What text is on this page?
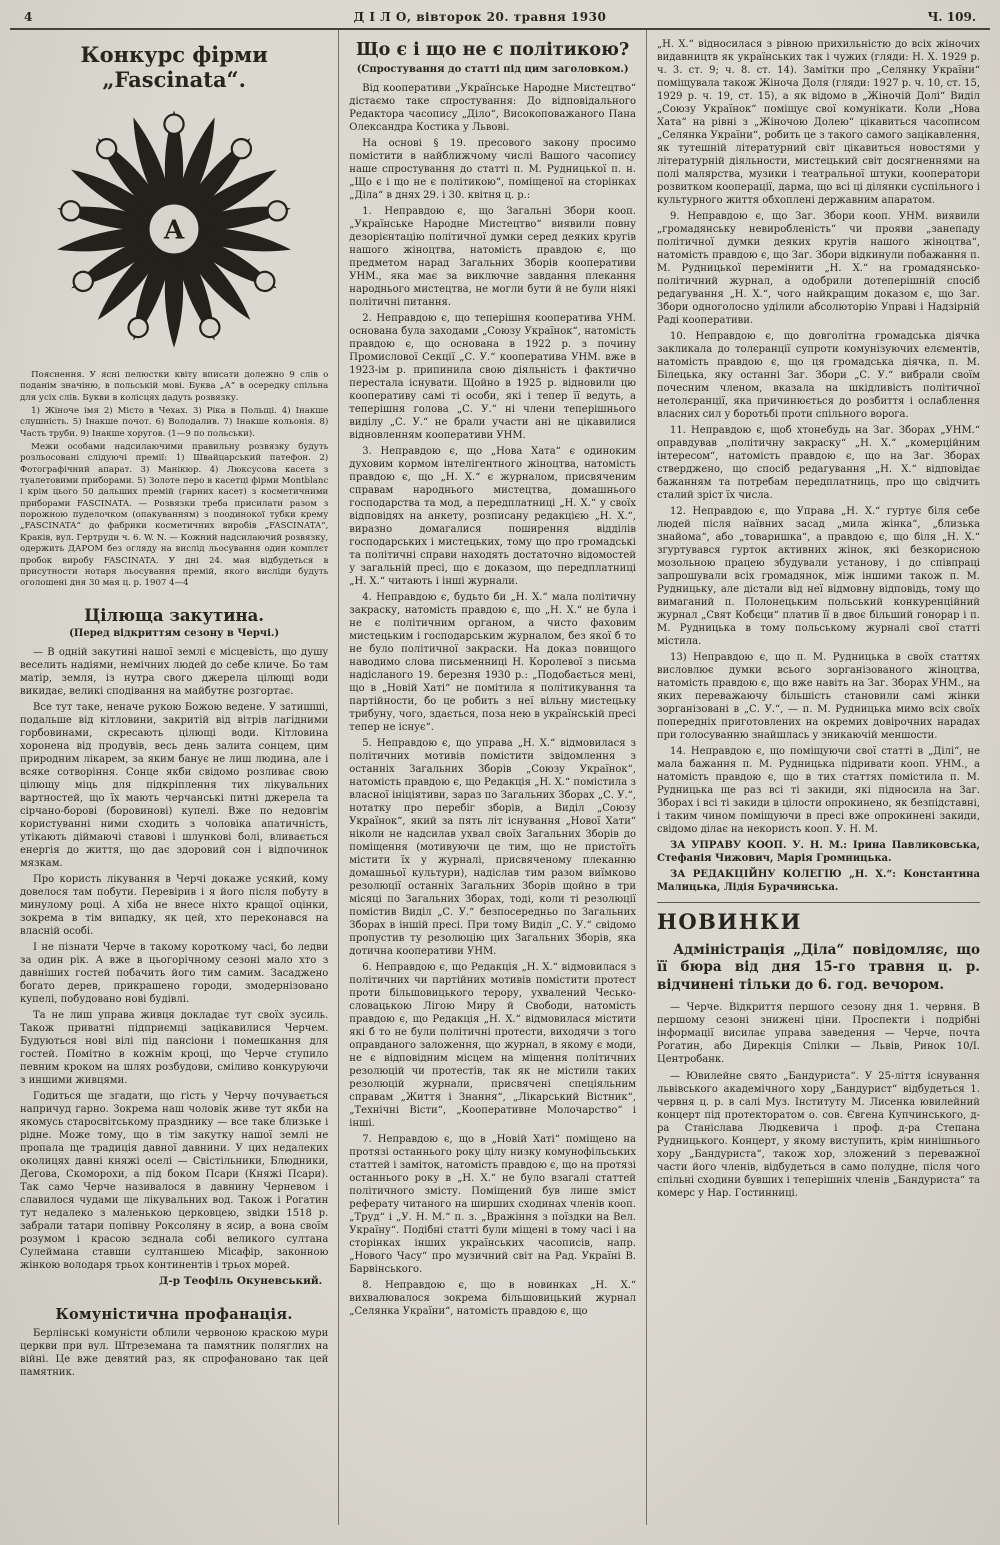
4	Д І Л О, вівторок 20. травня 1930	Ч. 109.
Конкурс фірми „Fascinata“.
A

Пояснення. У ясні пелюстки квіту вписати долежно 9 слів о поданім значіню, в польській мові. Буква „А“ в осередку спільна для усіх слів. Букви в колісцях дадуть розвязку.

1) Жіноче імя 2) Місто в Чехах. 3) Ріка в Польщі. 4) Інакше слушність. 5) Інакше почот. 6) Володалив. 7) Інакше кольонія. 8) Часть труби. 9) Інакше хоругов. (1—9 по польськи).

Межи особами надсилаючими правильну розвязку будуть розльосовані слідуючі премії: 1) Швайцарський патефон. 2) Фотографічний апарат. 3) Манікюр. 4) Люксусова касета з туалетовими приборами. 5) Золоте перо в касетці фірми Montblanc і крім цього 50 дальших премій (гарних касет) з косметичними приборами FASCINATA. — Розвязки треба присилати разом з порожною пуделочком (опакуванням) з поодинокої тубки крему „FASCINATA“ до фабрики косметичних виробів „FASCINATA“, Краків, вул. Гертруди ч. 6. W. N. — Кожний надсилаючий розвязку, одержить ДАРОМ без огляду на вислід льосування один комплєт пробок виробу FASCINATA. У дні 24. мая відбудеться в присутности нотаря льосування премій, якого висліди будуть оголошені дня 30 мая ц. р. 1907 4—4

Цілюща закутина.

(Перед відкриттям сезону в Черчі.)

— В одній закутині нашої землі є місцевість, що душу веселить надіями, немічних людей до себе кличе. Бо там матір, земля, із нутра свого джерела цілющі води викидає, великі сподівання на майбутнє розгортає.

Все тут таке, неначе рукою Божою ведене. У затишші, подальше від кітловини, закритій від вітрів лагідними горбовинами, скресають цілющі води. Кітловина хоронена від продувів, весь день залита сонцем, цим природним лікарем, за яким банує не лиш людина, але і всяке сотворіння. Сонце якби свідомо розливає свою цілющу міць для підкріплення тих лікувальних вартностей, що їх мають черчанські питні джерела та сірчано-борові (боровинові) купелі. Вже по недовгім користуванні ними сходить з чоловіка апатичність, утікають діймаючі ставові і шлункові болі, вливається енергія до життя, що дає здоровий сон і відпочинок мязкам.

Про користь лікування в Черчі докаже усякий, кому довелося там побути. Перевірив і я його після побуту в минулому році. А хіба не внесе ніхто кращої оцінки, зокрема в тім випадку, як цей, хто переконався на власній особі.

І не пізнати Черче в такому короткому часі, бо ледви за один рік. А вже в цьогорічному сезоні мало хто з давніших гостей побачить його тим самим. Засаджено богато дерев, прикрашено городи, змодернізовано купелі, побудовано нові будівлі.

Та не лиш управа живця докладає тут своїх зусиль. Також приватні підприємці зацікавилися Черчем. Будуються нові вілі під пансіони і помешкання для гостей. Помітно в кожнім кроці, що Черче ступило певним кроком на шлях розбудови, сміливо конкуруючи з иншими живцями.

Годиться ще згадати, що гість у Черчу почувається напричуд гарно. Зокрема наш чоловік живе тут якби на якомусь старосвітському празднику — все таке близьке і рідне. Може тому, що в тім закутку нашої землі не пропала ще традиція давної давнини. У цих недалеких околицях давні княжі оселі — Свістільники, Блюдники, Дегова, Скоморохи, а під боком Псари (Княжі Псари). Так само Черче називалося в давнину Черневом і славилося чудами ще лікувальних вод. Також і Рогатин тут недалеко з маленькою церковцею, звідки 1518 р. забрали татари попівну Роксоляну в ясир, а вона своїм розумом і красою зєднала собі великого султана Сулеймана ставши султаншею Місафір, законною жінкою володаря трьох континентів і трьох морей.

Д-р Теофіль Окуневський.

Комуністична профанація.

Берлінські комуністи облили червоною краскою мури церкви при вул. Штреземана та памятник поляглих на війні. Це вже девятий раз, як спрофановано так цей памятник.

Що є і що не є політикою?

(Спростування до статті під цим заголовком.)

Від кооперативи „Українське Народне Мистецтво“ дістаємо таке спростування: До відповідального Редактора часопису „Діло“, Високоповажаного Пана Олександра Костика у Львові.

На основі § 19. пресового закону просимо помістити в найближчому числі Вашого часопису наше спростування до статті п. М. Рудницької п. н. „Що є і що не є політикою“, поміщеної на сторінках „Діла“ в днях 29. і 30. квітня ц. р.:

1. Неправдою є, що Загальні Збори кооп. „Українське Народне Мистецтво“ виявили повну дезорієнтацію політичної думки серед деяких кругів нашого жіноцтва, натомість правдою є, що предметом нарад Загальних Зборів кооперативи УНМ., яка має за виключне завдання плекання народнього мистецтва, не могли бути й не були ніякі політичні питання.

2. Неправдою є, що теперішня кооператива УНМ. основана була заходами „Союзу Українок“, натомість правдою є, що основана в 1922 р. з почину Промислової Секції „С. У.“ кооператива УНМ. вже в 1923-ім р. припинила свою діяльність і фактично перестала існувати. Щойно в 1925 р. відновили цю кооперативу самі ті особи, які і тепер її ведуть, а теперішня голова „С. У.“ ні члени теперішнього виділу „С. У.“ не брали участи ані не цікавилися відновленням кооперативи УНМ.

3. Неправдою є, що „Нова Хата“ є одиноким духовим кормом інтелігентного жіноцтва, натомість правдою є, що „Н. Х.“ є журналом, присвяченим справам народнього мистецтва, домашнього господарства та мод, а передплатниці „Н. Х.“ у своїх відповідях на анкету, розписану редакцією „Н. Х.“, виразно домагалися поширення відділів господарських і мистецьких, тому що про громадські та політичні справи находять достаточно відомостей у загальній пресі, що є доказом, що передплатниці „Н. Х.“ читають і інші журнали.

4. Неправдою є, будьто би „Н. Х.“ мала політичну закраску, натомість правдою є, що „Н. Х.“ не була і не є політичним органом, а чисто фаховим мистецьким і господарським журналом, без якої б то не було політичної закраски. На доказ повищого наводимо слова письменниці Н. Королевої з письма надісланого 19. березня 1930 р.: „Подобається мені, що в „Новій Хаті“ не помітила я політикування та партійности, бо це робить з неї вільну мистецьку трибуну, чого, здається, поза нею в українській пресі тепер не існує“.

5. Неправдою є, що управа „Н. Х.“ відмовилася з політичних мотивів помістити звідомлення з останніх Загальних Зборів „Союзу Українок“, натомість правдою є, що Редакція „Н. Х.“ помістила з власної ініціятиви, зараз по Загальних Зборах „С. У.“, нотатку про перебіг зборів, а Виділ „Союзу Українок“, який за пять літ існування „Нової Хати“ ніколи не надсилав ухвал своїх Загальних Зборів до поміщення (мотивуючи це тим, що не пристоїть містити їх у журналі, присвяченому плеканню домашньої культури), надіслав тим разом виїмково резолюції останніх Загальних Зборів щойно в три місяці по Загальних Зборах, тоді, коли ті резолюції помістив Виділ „С. У.“ безпосередньо по Загальних Зборах в іншій пресі. При тому Виділ „С. У.“ свідомо пропустив ту резолюцію цих Загальних Зборів, яка дотична кооперативи УНМ.

6. Неправдою є, що Редакція „Н. Х.“ відмовилася з політичних чи партійних мотивів помістити протест проти більшовицького терору, ухвалений Чесько-словацькою Лігою Миру й Свободи, натомість правдою є, що Редакція „Н. Х.“ відмовилася містити які б то не були політичні протести, виходячи з того оправданого заложення, що журнал, в якому є моди, не є відповідним місцем на міщення політичних резолюцій чи протестів, так як не містили таких резолюцій журнали, присвячені спеціяльним справам „Життя і Знання“, „Лікарський Вістник“, „Технічні Вісти“, „Кооперативне Молочарство“ і інші.

7. Неправдою є, що в „Новій Хаті“ поміщено на протязі останнього року цілу низку комунофільських статтей і заміток, натомість правдою є, що на протязі останнього року в „Н. Х.“ не було взагалі статтей політичного змісту. Поміщений був лише зміст реферату читаного на ширших сходинах членів кооп. „Труд“ і „У. Н. М.“ п. з. „Вражіння з поїздки на Вел. Україну“. Подібні статті були міщені в тому часі і на сторінках інших українських часописів, напр. „Нового Часу“ про музичний світ на Рад. Україні В. Барвінського.

8. Неправдою є, що в новинках „Н. Х.“ вихвалювалося зокрема більшовицький журнал „Селянка України“, натомість правдою є, що

„Н. Х.“ відносилася з рівною прихильністю до всіх жіночих видавництв як українських так і чужих (гляди: Н. Х. 1929 р. ч. 3. ст. 9; ч. 8. ст. 14). Замітки про „Селянку України“ поміщувала також Жіноча Доля (гляди: 1927 р. ч. 10, ст. 15, 1929 р. ч. 19, ст. 15), а як відомо в „Жіночій Долі“ Виділ „Союзу Українок“ поміщує свої комунікати. Коли „Нова Хата“ на рівні з „Жіночою Долею“ цікавиться часописом „Селянка України“, робить це з такого самого зацікавлення, як тутешній літературний світ цікавиться новостями у літературній діяльности, мистецький світ досягненнями на полі малярства, музики і театральної штуки, кооператори розвитком кооперації, дарма, що всі ці ділянки суспільного і культурного життя обхоплені державним апаратом.

9. Неправдою є, що Заг. Збори кооп. УНМ. виявили „громадянську невиробленість“ чи прояви „занепаду політичної думки деяких кругів нашого жіноцтва“, натомість правдою є, що Заг. Збори відкинули побажання п. М. Рудницької перемінити „Н. Х.“ на громадянсько-політичний журнал, а одобрили дотеперішній спосіб редагування „Н. Х.“, чого найкращим доказом є, що Заг. Збори одноголосно уділили абсолюторію Управі і Надзірній Раді кооперативи.

10. Неправдою є, що довголітна громадська діячка закликала до толєранції супроти комунізуючих елєментів, натомість правдою є, що ця громадська діячка, п. М. Білецька, яку останні Заг. Збори „С. У.“ вибрали своїм почесним членом, вказала на шкідливість політичної нетолєранції, яка причинюється до розбиття і ослаблення власних сил у боротьбі проти спільного ворога.

11. Неправдою є, щоб хтонебудь на Заг. Зборах „УНМ.“ оправдував „політичну закраску“ „Н. Х.“ „комерційним інтересом“, натомість правдою є, що на Заг. Зборах стверджено, що спосіб редагування „Н. Х.“ відповідає бажанням та потребам передплатниць, про що свідчить сталий зріст їх числа.

12. Неправдою є, що Управа „Н. Х.“ гуртує біля себе людей після наївних засад „мила жінка“, „близька знайома“, або „товаришка“, а правдою є, що біля „Н. Х.“ згуртувався гурток активних жінок, які безкорисною мозольною працею збудували установу, і до співпраці запрошували всіх громадянок, між іншими також п. М. Рудницьку, але дістали від неї відмовну відповідь, тому що вимаганий п. Полонецьким польський конкуренційний журнал „Свят Кобєци“ платив її в двоє більший гонорар і п. М. Рудницька в тому польському журналі свої статті містила.

13) Неправдою є, що п. М. Рудницька в своїх статтях висловлює думки всього зорганізованого жіноцтва, натомість правдою є, що вже навіть на Заг. Зборах УНМ., на яких переважаючу більшість становили самі жінки зорганізовані в „С. У.“, — п. М. Рудницька мимо всіх своїх попередніх приготовлених на окремих довірочних нарадах при голосуванню знайшлась у зникаючій меншости.

14. Неправдою є, що поміщуючи свої статті в „Ділі“, не мала бажання п. М. Рудницька підривати кооп. УНМ., а натомість правдою є, що в тих статтях помістила п. М. Рудницька ще раз всі ті закиди, які підносила на Заг. Зборах і всі ті закиди в цілости опрокинено, як безпідставні, і таким чином поміщуючи в пресі вже опрокинені закиди, свідомо ділає на некористь кооп. У. Н. М.

ЗА УПРАВУ КООП. У. Н. М.: Ірина Павликовська, Стефанія Чижович, Марія Громницька.

ЗА РЕДАКЦІЙНУ КОЛЕГІЮ „Н. Х.“: Константина Малицька, Лідія Бурачинська.

НОВИНКИ

Адміністрація „Діла“ повідомляє, що її бюра від дня 15-го травня ц. р. відчинені тільки до 6. год. вечором.

— Черче. Відкриття першого сезону дня 1. червня. В першому сезоні знижені ціни. Проспекти і подрібні інформації висилає управа заведення — Черче, почта Рогатин, або Дирекція Спілки — Львів, Ринок 10/І. Центробанк.

— Ювилейне свято „Бандуриста“. У 25-ліття існування львівського академічного хору „Бандурист“ відбудеться 1. червня ц. р. в салі Муз. Інституту М. Лисенка ювилейний концерт під протекторатом о. сов. Євгена Купчинського, д-ра Станіслава Людкевича і проф. д-ра Степана Рудницького. Концерт, у якому виступить, крім нинішнього хору „Бандуриста“, також хор, зложений з переважної части його членів, відбудеться в само полудне, після чого спільні сходини бувших і теперішніх членів „Бандуриста“ та комерс у Нар. Гостинниці.
